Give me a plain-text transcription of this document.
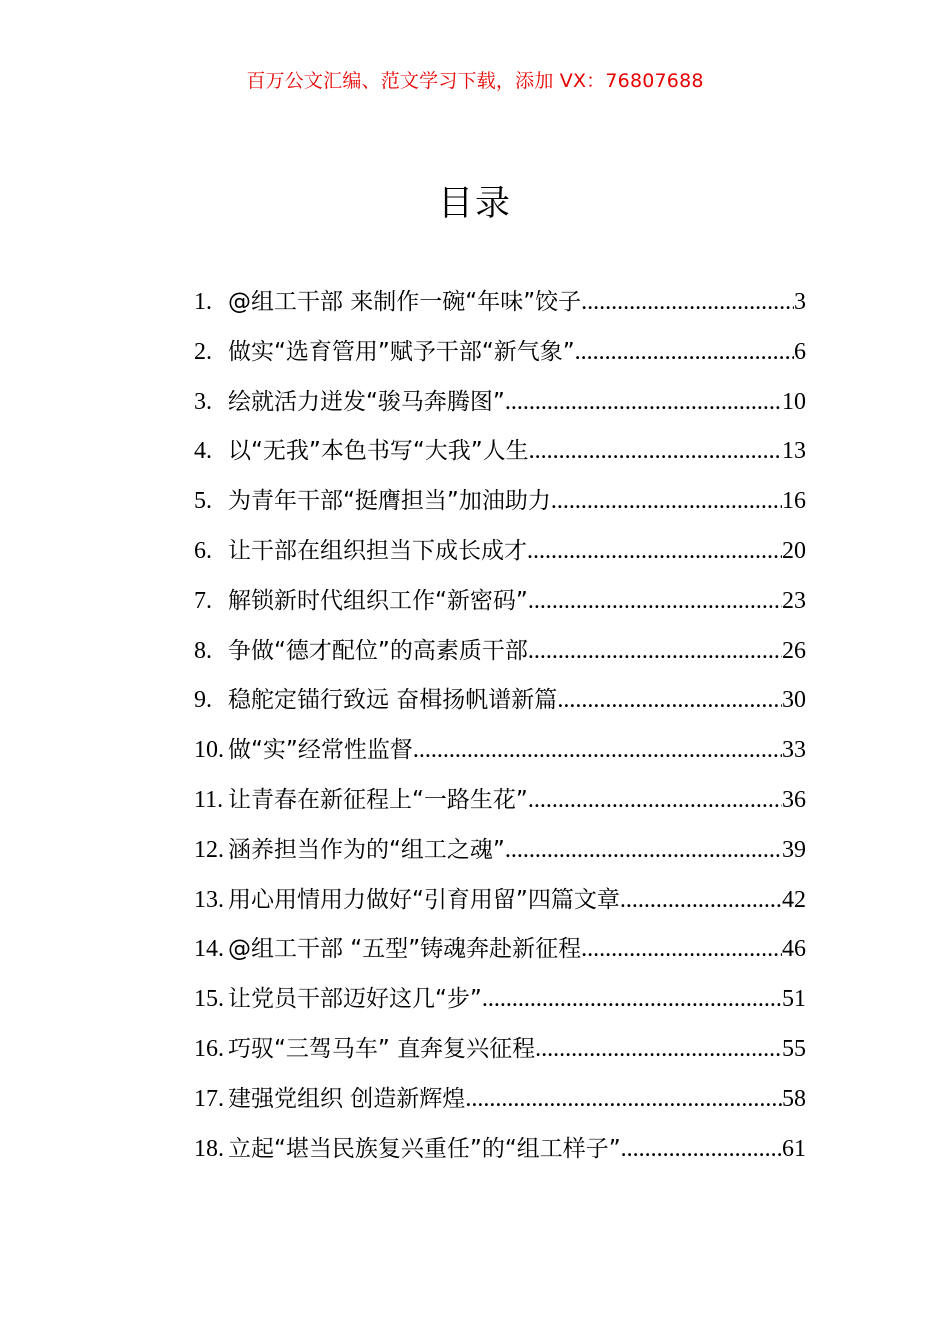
百万公文汇编、范文学习下载，添加 VX：76807688
目录
1. @组工干部 来制作一碗“年味”饺子 .....	3
2. 做实“选育管用”赋予干部“新气象” .....	6
3. 绘就活力迸发“骏马奔腾图” .....	10
4. 以“无我”本色书写“大我”人生 .....	13
5. 为青年干部“挺膺担当”加油助力 .....	16
6. 让干部在组织担当下成长成才 .....	20
7. 解锁新时代组织工作“新密码” .....	23
8. 争做“德才配位”的高素质干部 .....	26
9. 稳舵定锚行致远 奋楫扬帆谱新篇 .....	30
10. 做“实”经常性监督 .....	33
11. 让青春在新征程上“一路生花” .....	36
12. 涵养担当作为的“组工之魂” .....	39
13. 用心用情用力做好“引育用留”四篇文章 .....	42
14. @组工干部 “五型”铸魂奔赴新征程 .....	46
15. 让党员干部迈好这几“步” .....	51
16. 巧驭“三驾马车” 直奔复兴征程 .....	55
17. 建强党组织 创造新辉煌 .....	58
18. 立起“堪当民族复兴重任”的“组工样子” .....	61
